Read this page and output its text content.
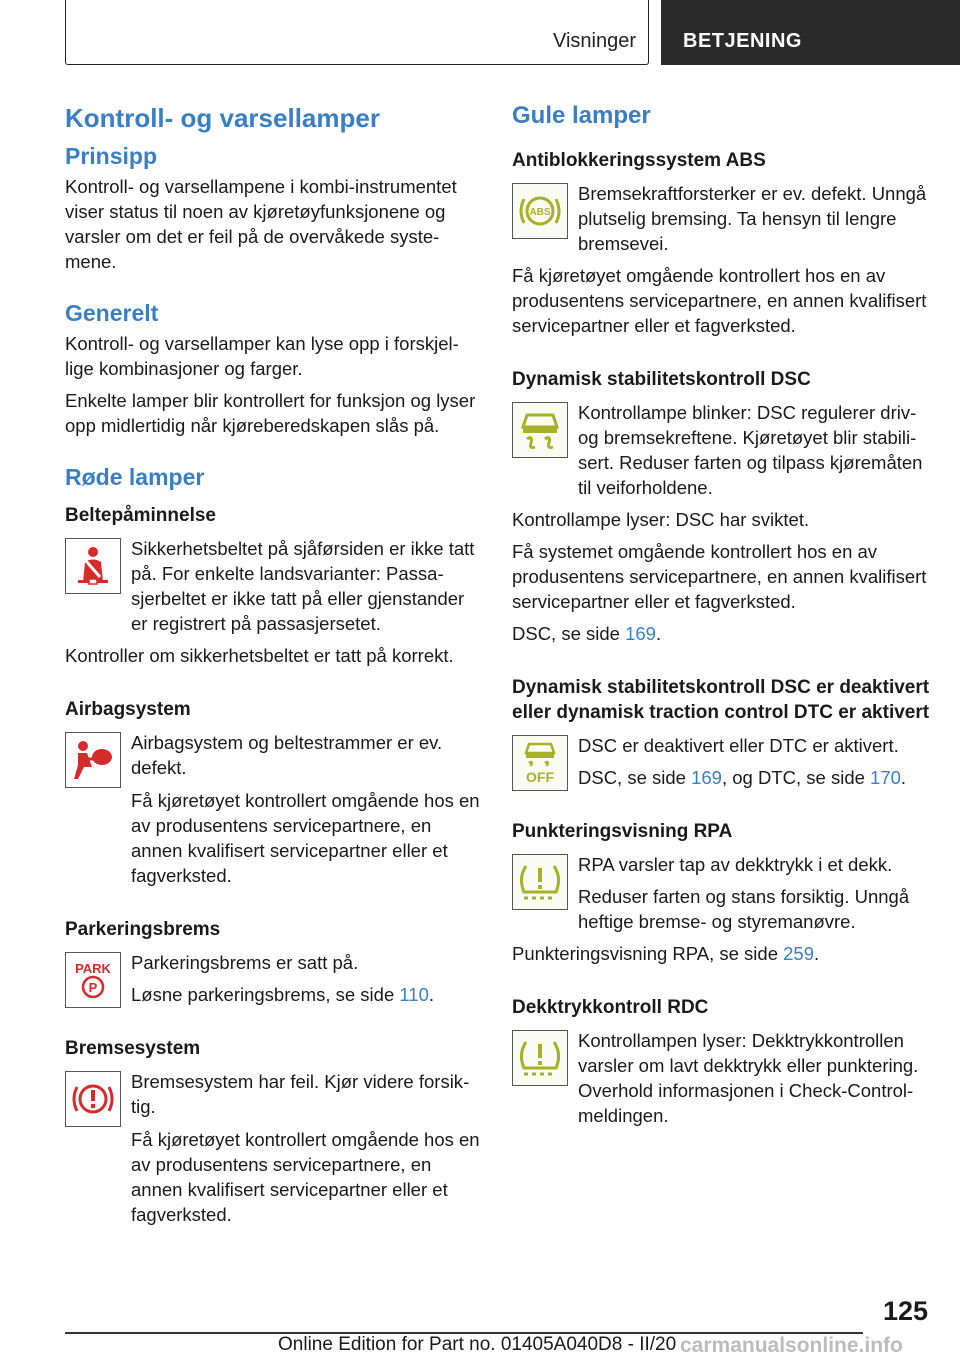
Visninger BETJENING
Kontroll- og varsellamper
Prinsipp

Kontroll- og varsellampene i kombi-instrumentet viser status til noen av kjøretøyfunksjonene og varsler om det er feil på de overvåkede systemene.

Generelt

Kontroll- og varsellamper kan lyse opp i forskjellige kombinasjoner og farger.

Enkelte lamper blir kontrollert for funksjon og lyser opp midlertidig når kjøreberedskapen slås på.

Røde lamper
Beltepåminnelse

Sikkerhetsbeltet på sjåførsiden er ikke tatt på. For enkelte landsvarianter: Passasjerbeltet er ikke tatt på eller gjenstander er registrert på passasjersetet.

Kontroller om sikkerhetsbeltet er tatt på korrekt.

Airbagsystem

Airbagsystem og beltestrammer er ev. defekt.

Få kjøretøyet kontrollert omgående hos en av produsentens servicepartnere, en annen kvalifisert servicepartner eller et fagverksted.

Parkeringsbrems
PARK
P

Parkeringsbrems er satt på.

Løsne parkeringsbrems, se side 110.

Bremsesystem

Bremsesystem har feil. Kjør videre forsiktig.

Få kjøretøyet kontrollert omgående hos en av produsentens servicepartnere, en annen kvalifisert servicepartner eller et fagverksted.

Gule lamper
Antiblokkeringssystem ABS
ABS

Bremsekraftforsterker er ev. defekt. Unngå plutselig bremsing. Ta hensyn til lengre bremsevei.

Få kjøretøyet omgående kontrollert hos en av produsentens servicepartnere, en annen kvalifisert servicepartner eller et fagverksted.

Dynamisk stabilitetskontroll DSC

Kontrollampe blinker: DSC regulerer driv- og bremsekreftene. Kjøretøyet blir stabilisert. Reduser farten og tilpass kjøremåten til veiforholdene.

Kontrollampe lyser: DSC har sviktet.

Få systemet omgående kontrollert hos en av produsentens servicepartnere, en annen kvalifisert servicepartner eller et fagverksted.

DSC, se side 169.

Dynamisk stabilitetskontroll DSC er deaktivert eller dynamisk traction control DTC er aktivert
OFF

DSC er deaktivert eller DTC er aktivert.

DSC, se side 169, og DTC, se side 170.

Punkteringsvisning RPA

RPA varsler tap av dekktrykk i et dekk.

Reduser farten og stans forsiktig. Unngå heftige bremse- og styremanøvre.

Punkteringsvisning RPA, se side 259.

Dekktrykkontroll RDC

Kontrollampen lyser: Dekktrykkontrollen varsler om lavt dekktrykk eller punktering. Overhold informasjonen i Check-Controlmeldingen.

125
Online Edition for Part no. 01405A040D8 - II/20 carmanualsonline.info
